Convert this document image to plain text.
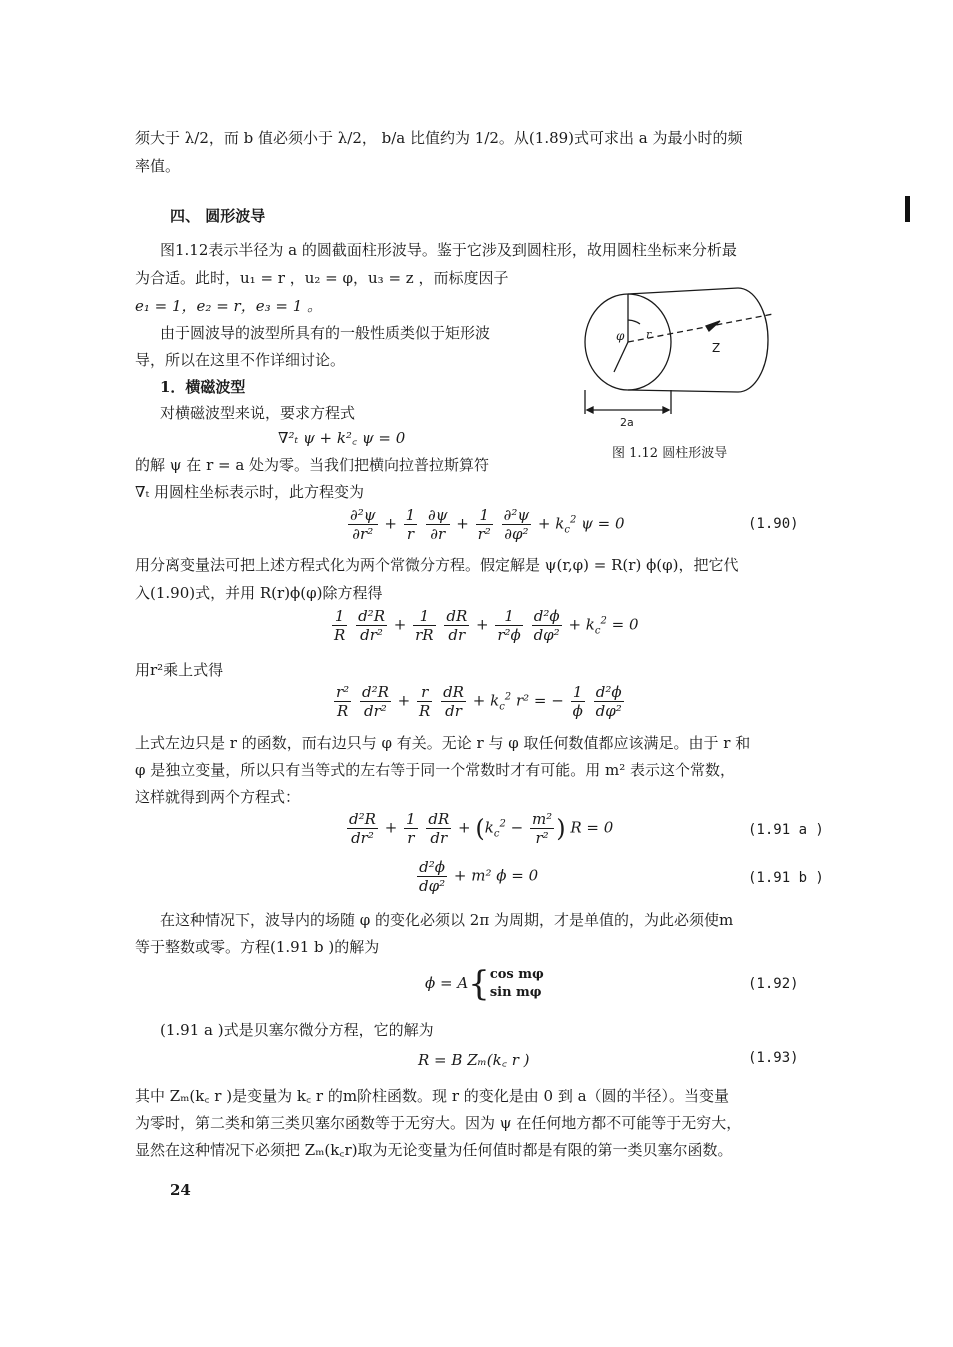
须大于 λ/2，而 b 值必须小于 λ/2， b/a 比值约为 1/2。从(1.89)式可求出 a 为最小时的频
率值。
四、 圆形波导
图1.12表示半径为 a 的圆截面柱形波导。鉴于它涉及到圆柱形，故用圆柱坐标来分析最
为合适。此时，u₁ = r ，u₂ = φ，u₃ = z ，而标度因子
e₁ = 1，e₂ = r，e₃ = 1 。
由于圆波导的波型所具有的一般性质类似于矩形波
导，所以在这里不作详细讨论。
1．横磁波型
对横磁波型来说，要求方程式
∇²ₜ ψ + k²꜀ ψ = 0
的解 ψ 在 r = a 处为零。当我们把横向拉普拉斯算符
∇ₜ 用圆柱坐标表示时，此方程变为
φ r
Z
2a
图 1.12 圆柱形波导
$\frac{\text{∂²ψ}}{\text{∂r²}} + \frac{1}{r}$
$\frac{\partial\psi}{\partial r} + \frac{1}{\text{r²}}$
$\frac{\text{∂²ψ}}{\text{∂φ²}} + k_c^2$ ψ = 0	(1.90)
用分离变量法可把上述方程式化为两个常微分方程。假定解是 ψ(r,φ) = R(r) ϕ(φ)，把它代
入(1.90)式，并用 R(r)ϕ(φ)除方程得
$\frac{1}{R}$
$\frac{\text{d²R}}{\text{dr²}} + \frac{1}{rR}$
$\frac{dR}{dr} + \frac{1}{\text{r²ϕ}}$
$\frac{\text{d²ϕ}}{\text{dφ²}} + k_c^2 = 0$
用r²乘上式得
$\frac{\text{r²}}{R}$
$\frac{\text{d²R}}{\text{dr²}} + \frac{r}{R}$
$\frac{dR}{dr} + k_c^2$ r² = − $\frac{1}{\phi}$
$\frac{\text{d²ϕ}}{\text{dφ²}}$
上式左边只是 r 的函数，而右边只与 φ 有关。无论 r 与 φ 取任何数值都应该满足。由于 r 和
φ 是独立变量，所以只有当等式的左右等于同一个常数时才有可能。用 m² 表示这个常数，
这样就得到两个方程式：
$\frac{\text{d²R}}{\text{dr²}} + \frac{1}{r}$
$\frac{dR}{dr} + (k_c^2 - \frac{\text{m²}}{\text{r²}}$ ) R = 0	(1.91 a )
$\frac{\text{d²ϕ}}{\text{dφ²}} + m^2$ ϕ = 0	(1.91 b )
在这种情况下，波导内的场随 φ 的变化必须以 2π 为周期，才是单值的，为此必须使m
等于整数或零。方程(1.91 b )的解为
ϕ = A{ cos mφ
sin mφ
(1.92)
(1.91 a )式是贝塞尔微分方程，它的解为
R = B Zₘ(k꜀ r )	(1.93)
其中 Zₘ(k꜀ r )是变量为 k꜀ r 的m阶柱函数。现 r 的变化是由 0 到 a（圆的半径）。当变量
为零时，第二类和第三类贝塞尔函数等于无穷大。因为 ψ 在任何地方都不可能等于无穷大，
显然在这种情况下必须把 Zₘ(k꜀r)取为无论变量为任何值时都是有限的第一类贝塞尔函数。
24
